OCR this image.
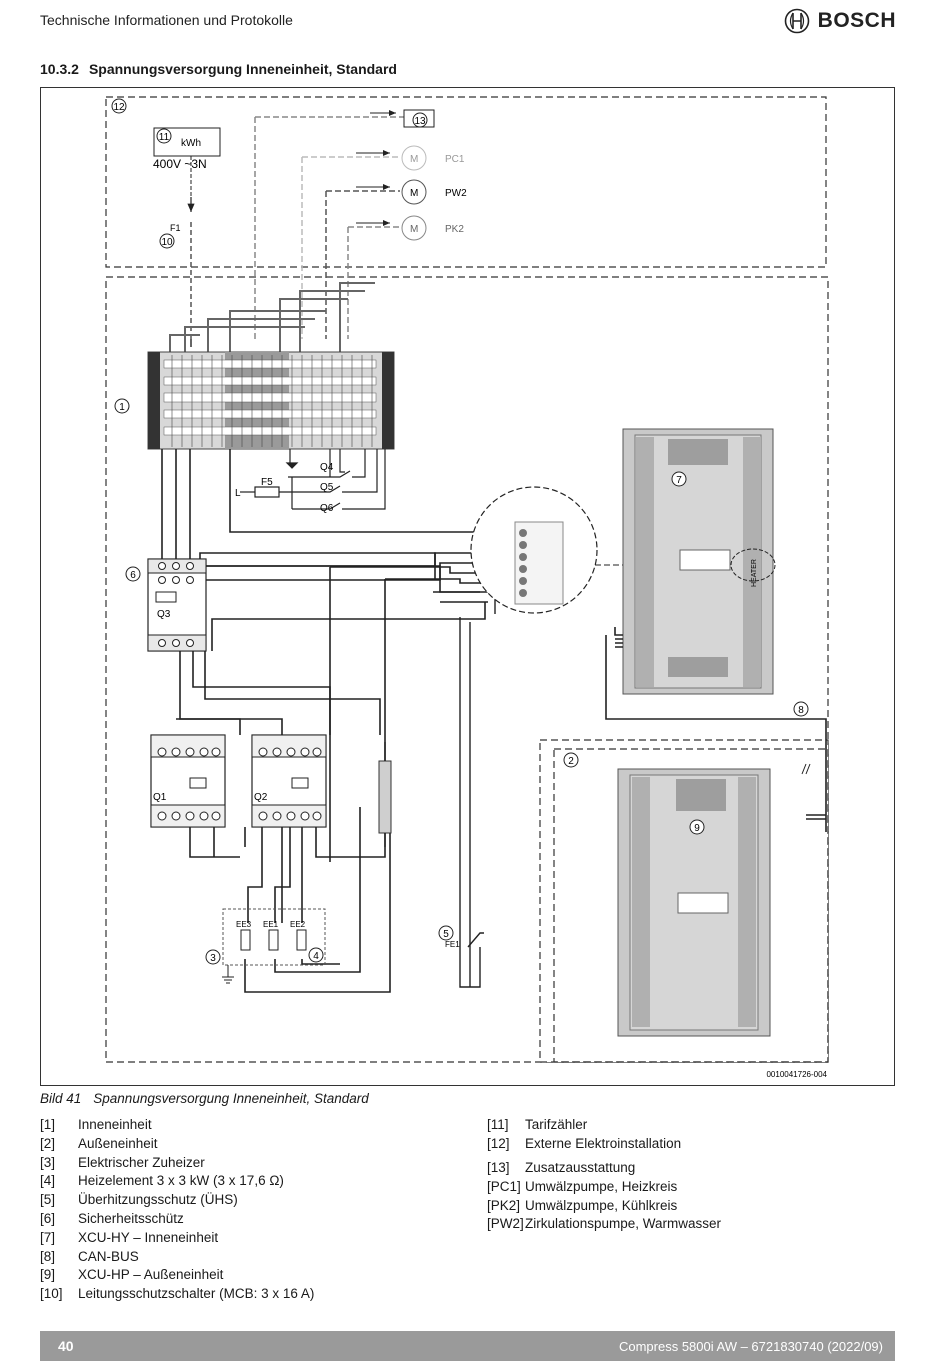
Technische Informationen und Protokolle	BOSCH
10.3.2 Spannungsversorgung Inneneinheit, Standard
kWh
400V ~3N
F1
M	PC1
M	PW2
M	PK2
Q4
Q5
Q6
F5
L
Q3
Q1	Q2
EE3 EE1 EE2
FE1
HEATER
12
11
10
13
1
6
7
8
2
9
3	4
5
0010041726-004
Bild 41 Spannungsversorgung Inneneinheit, Standard
[1]	Inneneinheit
[2]	Außeneinheit
[3]	Elektrischer Zuheizer
[4]	Heizelement 3 x 3 kW (3 x 17,6 Ω)
[5]	Überhitzungsschutz (ÜHS)
[6]	Sicherheitsschütz
[7]	XCU-HY – Inneneinheit
[8]	CAN-BUS
[9]	XCU-HP – Außeneinheit
[10]	Leitungsschutzschalter (MCB: 3 x 16 A)
[11]	Tarifzähler
[12]	Externe Elektroinstallation
[13]	Zusatzausstattung
[PC1] Umwälzpumpe, Heizkreis
[PK2] Umwälzpumpe, Kühlkreis
[PW2] Zirkulationspumpe, Warmwasser
40	Compress 5800i AW – 6721830740 (2022/09)
